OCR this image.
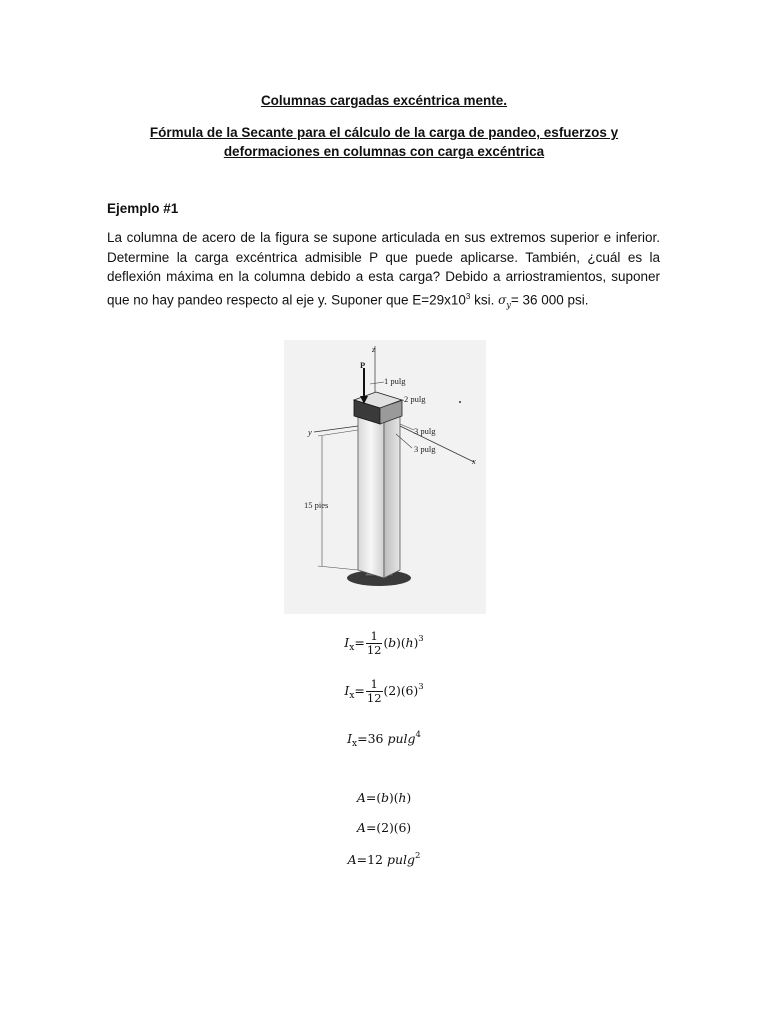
Columnas cargadas excéntrica mente.
Fórmula de la Secante para el cálculo de la carga de pandeo, esfuerzos y deformaciones en columnas con carga excéntrica
Ejemplo #1
La columna de acero de la figura se supone articulada en sus extremos superior e inferior. Determine la carga excéntrica admisible P que puede aplicarse. También, ¿cuál es la deflexión máxima en la columna debido a esta carga? Debido a arriostramientos, suponer que no hay pandeo respecto al eje y. Suponer que $E=29x10^3$ ksi. $\sigma_y= 36$ 000 psi.
z
P
y
x
1 pulg
2 pulg
3 pulg
3 pulg
15 pies
$I_x= \frac{1}{12} (b)(h)^3$
$I_x= \frac{1}{12} (2)(6)^3$
$I_x=36$ pulg$^4$
A=(b)(h)
A=(2)(6)
A=12 pulg$^2$
